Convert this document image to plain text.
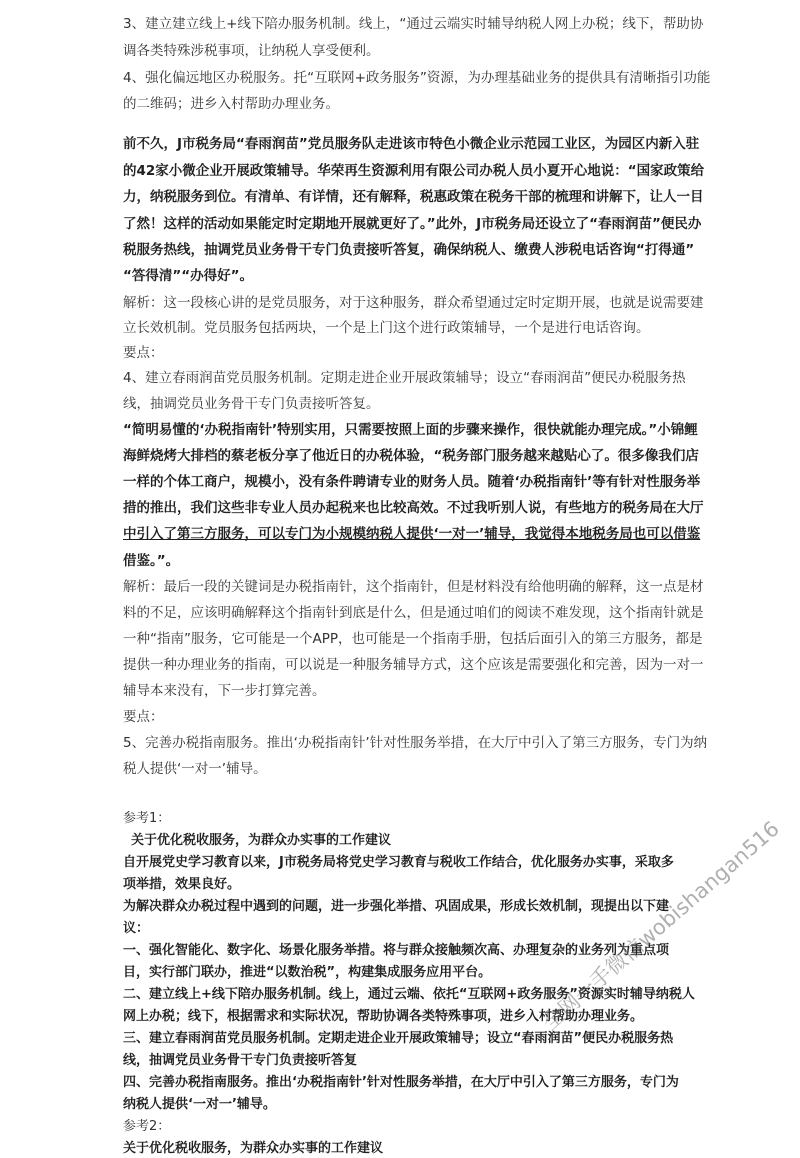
3、建立建立线上+线下陪办服务机制。线上，“通过云端实时辅导纳税人网上办税；线下，帮助协
调各类特殊涉税事项，让纳税人享受便利。
4、强化偏远地区办税服务。托“互联网+政务服务”资源，为办理基础业务的提供具有清晰指引功能
的二维码；进乡入村帮助办理业务。
前不久，J市税务局“春雨润苗”党员服务队走进该市特色小微企业示范园工业区，为园区内新入驻
的42家小微企业开展政策辅导。华荣再生资源利用有限公司办税人员小夏开心地说：“国家政策给
力，纳税服务到位。有清单、有详情，还有解释，税惠政策在税务干部的梳理和讲解下，让人一目
了然！这样的活动如果能定时定期地开展就更好了。”此外，J市税务局还设立了“春雨润苗”便民办
税服务热线，抽调党员业务骨干专门负责接听答复，确保纳税人、缴费人涉税电话咨询“打得通”
“答得清”“办得好”。
解析：这一段核心讲的是党员服务，对于这种服务，群众希望通过定时定期开展，也就是说需要建
立长效机制。党员服务包括两块，一个是上门这个进行政策辅导，一个是进行电话咨询。
要点：
4、建立春雨润苗党员服务机制。定期走进企业开展政策辅导；设立“春雨润苗”便民办税服务热
线，抽调党员业务骨干专门负责接听答复。
“简明易懂的‘办税指南针’特别实用，只需要按照上面的步骤来操作，很快就能办理完成。”小锦鲤
海鲜烧烤大排档的蔡老板分享了他近日的办税体验，“税务部门服务越来越贴心了。很多像我们店
一样的个体工商户，规模小，没有条件聘请专业的财务人员。随着‘办税指南针’等有针对性服务举
措的推出，我们这些非专业人员办起税来也比较高效。不过我听别人说，有些地方的税务局在大厅
中引入了第三方服务，可以专门为小规模纳税人提供‘一对一’辅导，我觉得本地税务局也可以借鉴
借鉴。”。
解析：最后一段的关键词是办税指南针，这个指南针，但是材料没有给他明确的解释，这一点是材
料的不足，应该明确解释这个指南针到底是什么，但是通过咱们的阅读不难发现，这个指南针就是
一种“指南”服务，它可能是一个APP，也可能是一个指南手册，包括后面引入的第三方服务，都是
提供一种办理业务的指南，可以说是一种服务辅导方式，这个应该是需要强化和完善，因为一对一
辅导本来没有，下一步打算完善。
要点：
5、完善办税指南服务。推出‘办税指南针’针对性服务举措，在大厅中引入了第三方服务，专门为纳
税人提供‘一对一’辅导。
参考1：
关于优化税收服务，为群众办实事的工作建议
自开展党史学习教育以来，J市税务局将党史学习教育与税收工作结合，优化服务办实事，采取多
项举措，效果良好。
为解决群众办税过程中遇到的问题，进一步强化举措、巩固成果，形成长效机制，现提出以下建
议：
一、强化智能化、数字化、场景化服务举措。将与群众接触频次高、办理复杂的业务列为重点项
目，实行部门联办，推进“以数治税”，构建集成服务应用平台。
二、建立线上+线下陪办服务机制。线上，通过云端、依托“互联网+政务服务”资源实时辅导纳税人
网上办税；线下，根据需求和实际状况，帮助协调各类特殊事项，进乡入村帮助办理业务。
三、建立春雨润苗党员服务机制。定期走进企业开展政策辅导；设立“春雨润苗”便民办税服务热
线，抽调党员业务骨干专门负责接听答复
四、完善办税指南服务。推出‘办税指南针’针对性服务举措，在大厅中引入了第三方服务，专门为
纳税人提供‘一对一’辅导。
参考2：
关于优化税收服务，为群众办实事的工作建议
全网一手微信wobishangan516
